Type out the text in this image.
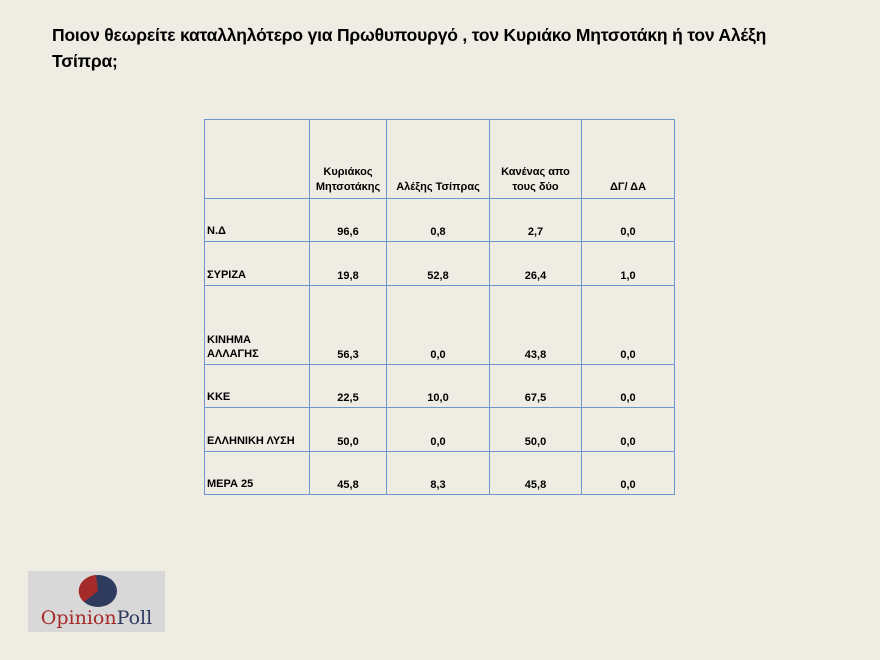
Ποιον θεωρείτε καταλληλότερο για Πρωθυπουργό , τον Κυριάκο Μητσοτάκη ή τον Αλέξη Τσίπρα;
	Κυριάκος Μητσοτάκης	Αλέξης Τσίπρας	Κανένας απο τους δύο	ΔΓ/ ΔΑ
Ν.Δ	96,6	0,8	2,7	0,0
ΣΥΡΙΖΑ	19,8	52,8	26,4	1,0
ΚΙΝΗΜΑ ΑΛΛΑΓΗΣ	56,3	0,0	43,8	0,0
ΚΚΕ	22,5	10,0	67,5	0,0
ΕΛΛΗΝΙΚΗ ΛΥΣΗ	50,0	0,0	50,0	0,0
ΜΕΡΑ 25	45,8	8,3	45,8	0,0
OpinionPoll
